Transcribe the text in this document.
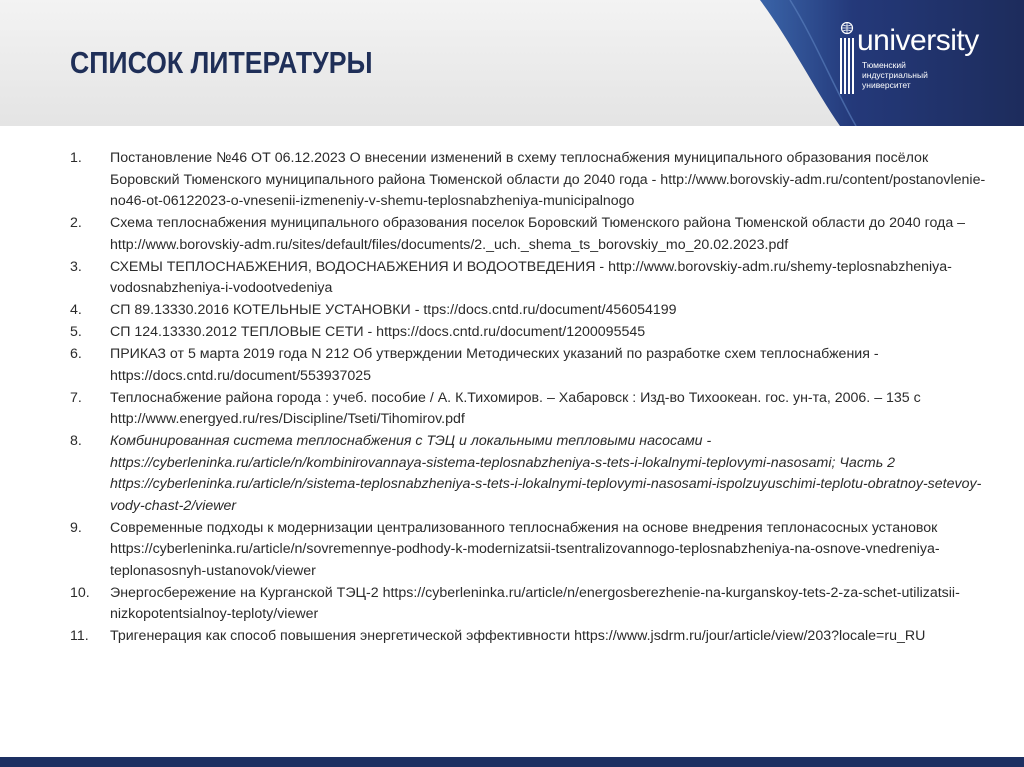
СПИСОК ЛИТЕРАТУРЫ
university
Тюменский
индустриальный
университет
1. Постановление №46 ОТ 06.12.2023 О внесении изменений в схему теплоснабжения муниципального образования посёлок Боровский Тюменского муниципального района Тюменской области до 2040 года - http://www.borovskiy-adm.ru/content/postanovlenie-no46-ot-06122023-o-vnesenii-izmeneniy-v-shemu-teplosnabzheniya-municipalnogo
2. Схема теплоснабжения муниципального образования поселок Боровский Тюменского района Тюменской области до 2040 года –http://www.borovskiy-adm.ru/sites/default/files/documents/2._uch._shema_ts_borovskiy_mo_20.02.2023.pdf
3. СХЕМЫ ТЕПЛОСНАБЖЕНИЯ, ВОДОСНАБЖЕНИЯ И ВОДООТВЕДЕНИЯ - http://www.borovskiy-adm.ru/shemy-teplosnabzheniya-vodosnabzheniya-i-vodootvedeniya
4. СП 89.13330.2016 КОТЕЛЬНЫЕ УСТАНОВКИ - ttps://docs.cntd.ru/document/456054199
5. СП 124.13330.2012 ТЕПЛОВЫЕ СЕТИ - https://docs.cntd.ru/document/1200095545
6. ПРИКАЗ от 5 марта 2019 года N 212 Об утверждении Методических указаний по разработке схем теплоснабжения - https://docs.cntd.ru/document/553937025
7. Теплоснабжение района города : учеб. пособие / А. К.Тихомиров. – Хабаровск : Изд-во Тихоокеан. гос. ун-та, 2006. – 135 с http://www.energyed.ru/res/Discipline/Tseti/Tihomirov.pdf
8. Комбинированная система теплоснабжения с ТЭЦ и локальными тепловыми насосами - https://cyberleninka.ru/article/n/kombinirovannaya-sistema-teplosnabzheniya-s-tets-i-lokalnymi-teplovymi-nasosami; Часть 2 https://cyberleninka.ru/article/n/sistema-teplosnabzheniya-s-tets-i-lokalnymi-teplovymi-nasosami-ispolzuyuschimi-teplotu-obratnoy-setevoy-vody-chast-2/viewer
9. Современные подходы к модернизации централизованного теплоснабжения на основе внедрения теплонасосных установок https://cyberleninka.ru/article/n/sovremennye-podhody-k-modernizatsii-tsentralizovannogo-teplosnabzheniya-na-osnove-vnedreniya-teplonasosnyh-ustanovok/viewer
10. Энергосбережение на Курганской ТЭЦ-2 https://cyberleninka.ru/article/n/energosberezhenie-na-kurganskoy-tets-2-za-schet-utilizatsii-nizkopotentsialnoy-teploty/viewer
11. Тригенерация как способ повышения энергетической эффективности https://www.jsdrm.ru/jour/article/view/203?locale=ru_RU
